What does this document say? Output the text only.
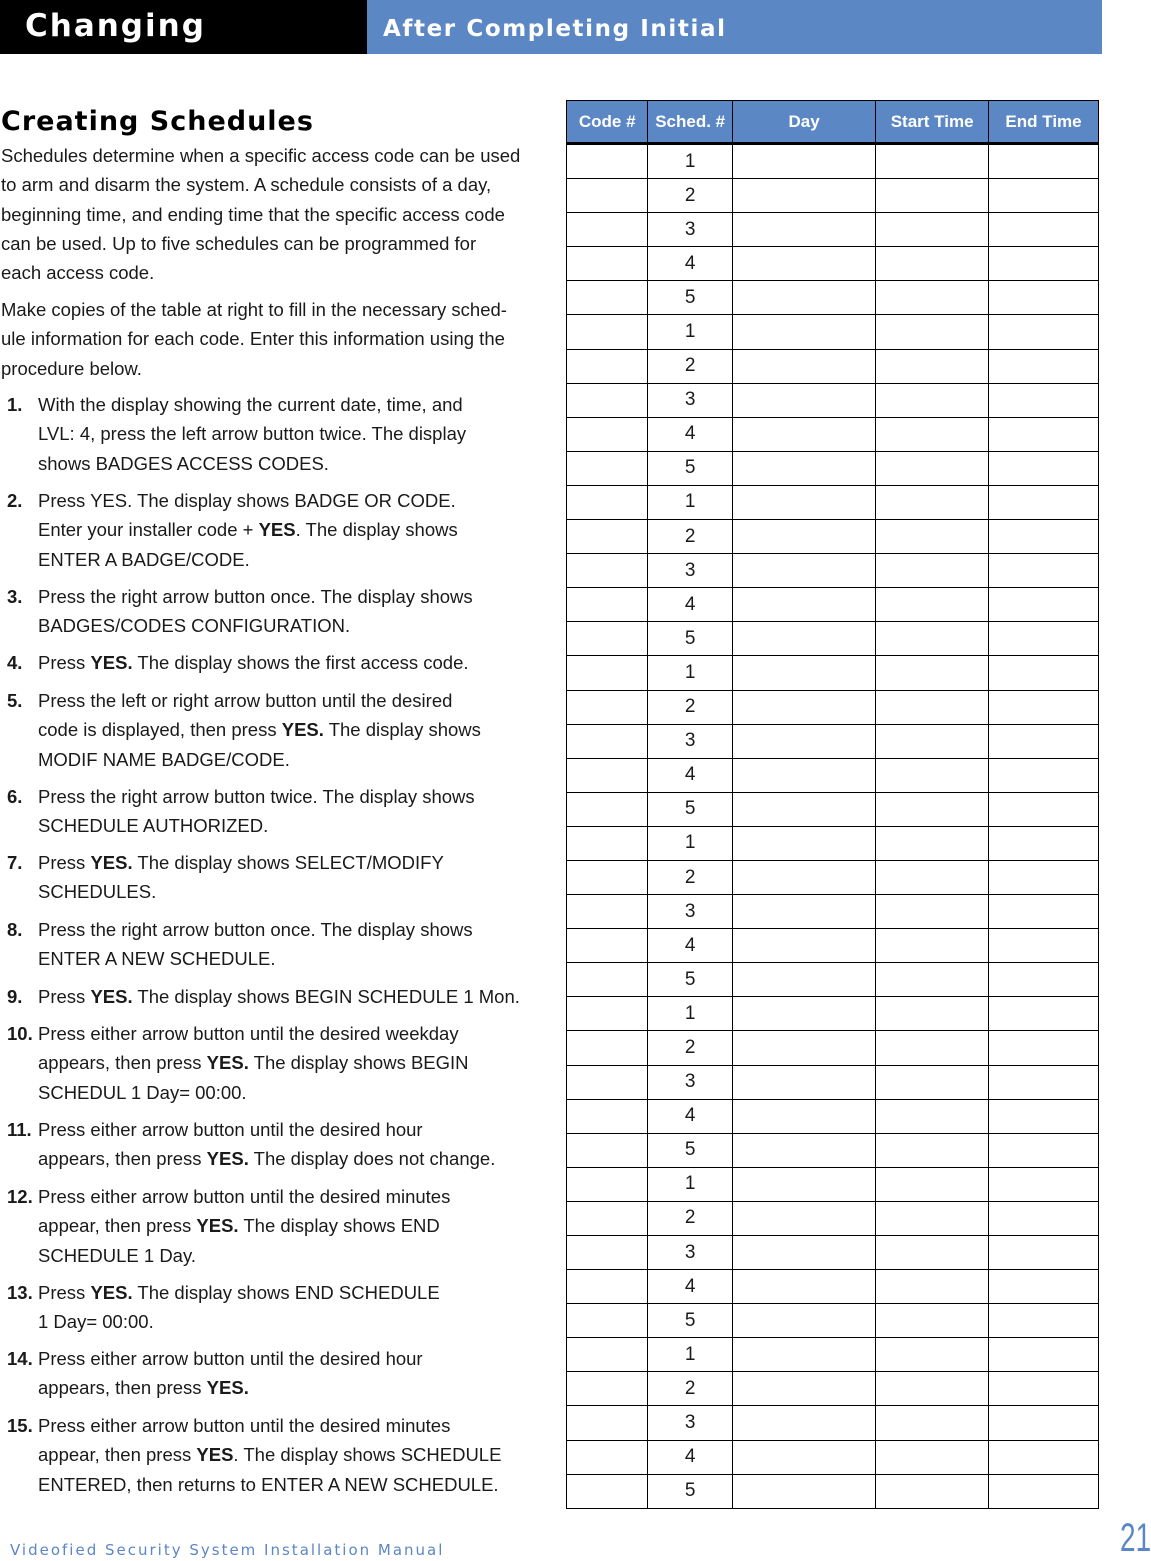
Changing Settings
After Completing Initial Configuration/Programming
Creating Schedules
Schedules determine when a specific access code can be used
to arm and disarm the system. A schedule consists of a day,
beginning time, and ending time that the specific access code
can be used. Up to five schedules can be programmed for
each access code.
Make copies of the table at right to fill in the necessary sched-
ule information for each code. Enter this information using the
procedure below.
1. With the display showing the current date, time, and
LVL: 4, press the left arrow button twice. The display
shows BADGES ACCESS CODES.
2. Press YES. The display shows BADGE OR CODE.
Enter your installer code + YES. The display shows
ENTER A BADGE/CODE.
3. Press the right arrow button once. The display shows
BADGES/CODES CONFIGURATION.
4. Press YES. The display shows the first access code.
5. Press the left or right arrow button until the desired
code is displayed, then press YES. The display shows
MODIF NAME BADGE/CODE.
6. Press the right arrow button twice. The display shows
SCHEDULE AUTHORIZED.
7. Press YES. The display shows SELECT/MODIFY
SCHEDULES.
8. Press the right arrow button once. The display shows
ENTER A NEW SCHEDULE.
9. Press YES. The display shows BEGIN SCHEDULE 1 Mon.
10. Press either arrow button until the desired weekday
appears, then press YES. The display shows BEGIN
SCHEDUL 1 Day= 00:00.
11. Press either arrow button until the desired hour
appears, then press YES. The display does not change.
12. Press either arrow button until the desired minutes
appear, then press YES. The display shows END
SCHEDULE 1 Day.
13. Press YES. The display shows END SCHEDULE
1 Day= 00:00.
14. Press either arrow button until the desired hour
appears, then press YES.
15. Press either arrow button until the desired minutes
appear, then press YES. The display shows SCHEDULE
ENTERED, then returns to ENTER A NEW SCHEDULE.
Code #	Sched. #	Day	Start Time	End Time
	1			
	2			
	3			
	4			
	5			
	1			
	2			
	3			
	4			
	5			
	1			
	2			
	3			
	4			
	5			
	1			
	2			
	3			
	4			
	5			
	1			
	2			
	3			
	4			
	5			
	1			
	2			
	3			
	4			
	5			
	1			
	2			
	3			
	4			
	5			
	1			
	2			
	3			
	4			
	5			
Videofied Security System Installation Manual	21
